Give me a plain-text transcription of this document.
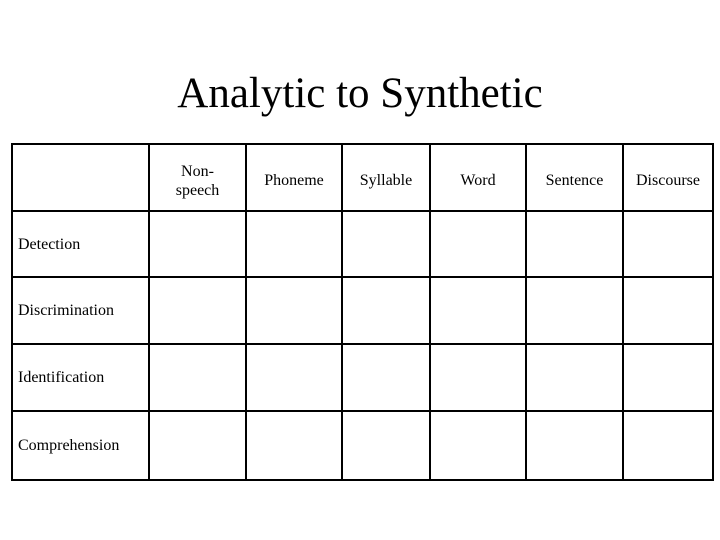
Analytic to Synthetic
Non-
speech
Phoneme Syllable	Word	Sentence Discourse
Detection
Discrimination
Identification
Comprehension
